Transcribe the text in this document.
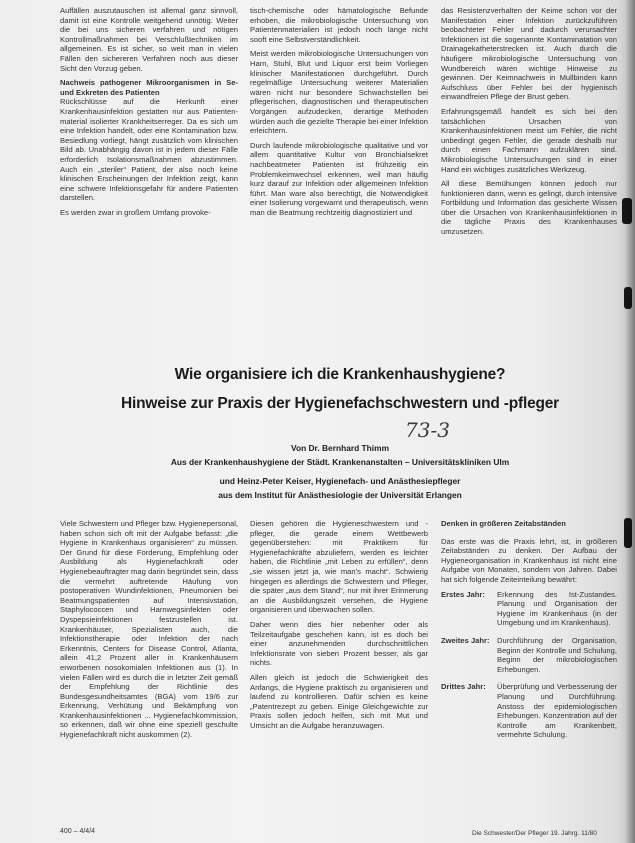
Auffällen auszutauschen ist allemal ganz sinnvoll, damit ist eine Kontrolle weitgehend unnötig. Weiter die bei uns sicheren verfahren und nötigen Kontrollmaßnahmen bei Verschlußtechniken im allgemeinen. Es ist sicher, so weit man in vielen Fällen den sichereren Verfahren noch aus dieser Sicht den Vorzug geben.

Nachweis pathogener Mikroorganismen in Se- und Exkreten des Patienten

Rückschlüsse auf die Herkunft einer Krankenhausinfektion gestatten nur aus Patienten-material isolierter Krankheitserreger. Da es sich um eine Infektion handelt, oder eine Kontamination bzw. Besiedlung vorliegt, hängt zusätzlich vom klinischen Bild ab. Unabhängig davon ist in jedem dieser Fälle erforderlich Isolationsmaßnahmen abzustimmen. Auch ein „steriler“ Patient, der also noch keine klinischen Erscheinungen der Infektion zeigt, kann eine schwere Infektionsgefahr für andere Patienten darstellen.

Es werden zwar in großem Umfang provoke-

tisch-chemische oder hämatologische Befunde erhoben, die mikrobiologische Untersuchung von Patientenmaterialien ist jedoch noch lange nicht sooft eine Selbstverständlichkeit.

Meist werden mikrobiologische Untersuchungen von Harn, Stuhl, Blut und Liquor erst beim Vorliegen klinischer Manifestationen durchgeführt. Durch regelmäßige Untersuchung weiterer Materialien wären nicht nur besondere Schwachstellen bei pflegerischen, diagnostischen und therapeutischen Vorgängen aufzudecken, derartige Methoden würden auch die gezielte Therapie bei einer Infektion erleichtern.

Durch laufende mikrobiologische qualitative und vor allem quantitative Kultur von Bronchialsekret nachbeatmeter Patienten ist frühzeitig ein Problemkeimwechsel erkennen, weil man häufig kurz darauf zur Infektion oder allgemeinen Infektion führt. Man ware also berechtigt, die Notwendigkeit einer Isolierung vorgewarnt und therapeutisch, wenn man die Beatmung rechtzeitig diagnostiziert und

das Resistenzverhalten der Keime schon vor der Manifestation einer Infektion zurückzuführen beobachteter Fehler und dadurch verursachter Infektionen ist die sogenannte Kontaminatation von Drainagekatheterstrecken ist. Auch durch die häufigere mikrobiologische Untersuchung von Wundbereich wären wichtige Hinweise zu gewinnen. Der Keimnachweis in Mullbinden kann Aufschluss über Fehler bei der hygienisch einwandfreien Pflege der Brust geben.

Erfahrungsgemäß handelt es sich bei den tatsächlichen Ursachen von Krankenhausinfektionen meist um Fehler, die nicht unbedingt gegen Fehler, die gerade deshalb nur durch einen Fachmann aufzuklären sind. Mikrobiologische Untersuchungen sind in einer Hand ein wichtiges zusätzliches Werkzeug.

All diese Bemühungen können jedoch nur funktionieren dann, wenn es gelingt, durch intensive Fortbildung und Information das gesicherte Wissen über die Ursachen von Krankenhausinfektionen in die tägliche Praxis des Krankenhauses umzusetzen.

Wie organisiere ich die Krankenhaushygiene?
Hinweise zur Praxis der Hygienefachschwestern und -pfleger
73-3
Von Dr. Bernhard Thimm
Aus der Krankenhaushygiene der Städt. Krankenanstalten – Universitätskliniken Ulm
und Heinz-Peter Keiser, Hygienefach- und Anästhesiepfleger
aus dem Institut für Anästhesiologie der Universität Erlangen

Viele Schwestern und Pfleger bzw. Hygienepersonal, haben schon sich oft mit der Aufgabe befasst: „die Hygiene in Krankenhaus organisieren“ zu müssen. Der Grund für diese Forderung, Empfehlung oder Ausbildung als Hygienefachkraft oder Hygienebeauftragter mag darin begründet sein, dass die vermehrt auftretende Häufung von postoperativen Wundinfektionen, Pneumonien bei Beatmungspatienten auf Intensivstation, Staphylococcen und Harnwegsinfekten oder Dyspepsieinfektionen festzustellen ist. Krankenhäuser, Spezialisten auch, die Infektionstherapie oder Infektion der nach Erkenntnis, Centers for Disease Control, Atlanta, allein 41,2 Prozent aller in Krankenhäusern erworbenen nosokomialen Infektionen aus (1). In vielen Fällen wird es durch die in letzter Zeit gemäß der Empfehlung der Richtlinie des Bundesgesundheitsamtes (BGA) vom 19/6 zur Erkennung, Verhütung und Bekämpfung von Krankenhausinfektionen ... Hygienefachkommission, so erkennen, daß wir ohne eine speziell geschulte Hygienefachkraft nicht auskommen (2).

Diesen gehören die Hygieneschwestern und -pfleger, die gerade einem Wettbewerb gegenüberstehen: mit Praktikern für Hygienefachkräfte abzuliefern, werden es leichter haben, die Richtlinie „mit Leben zu erfüllen“, denn „sie wissen jetzt ja, wie man’s macht“. Schwierig hingegen es allerdings die Schwestern und Pfleger, die später „aus dem Stand“, nur mit ihrer Erinnerung an die Ausbildungszeit versehen, die Hygiene organisieren und überwachen sollen.

Daher wenn dies hier nebenher oder als Teilzeitaufgabe geschehen kann, ist es doch bei einer anzunehmenden durchschnittlichen Infektionsrate von sieben Prozent besser, als gar nichts.

Allen gleich ist jedoch die Schwierigkeit des Anfangs, die Hygiene praktisch zu organisieren und laufend zu kontrollieren. Dafür schien es keine „Patentrezept zu geben. Einige Gleichgewichte zur Praxis sollen jedoch helfen, sich mit Mut und Umsicht an die Aufgabe heranzuwagen.

Denken in größeren Zeitabständen

Das erste was die Praxis lehrt, ist, in größeren Zeitabständen zu denken. Der Aufbau der Hygieneorganisation in Krankenhaus ist nicht eine Aufgabe von Monaten, sondern von Jahren. Dabei hat sich folgende Zeiteinteilung bewährt:

Erstes Jahr:	Erkennung des Ist-Zustandes. Planung und Organisation der Hygiene im Krankenhaus (in der Umgebung und im Krankenhaus).
Zweites Jahr: Durchführung der Organisation, Beginn der Kontrolle und Schulung, Beginn der mikrobiologischen Erhebungen.
Drittes Jahr:	Überprüfung und Verbesserung der Planung und Durchführung. Anstoss der epidemiologischen Erhebungen. Konzentration auf der Kontrolle am Krankenbett, vermehrte Schulung.
400 – 4/4/4	Die Schwester/Der Pfleger 19. Jahrg. 11/80
